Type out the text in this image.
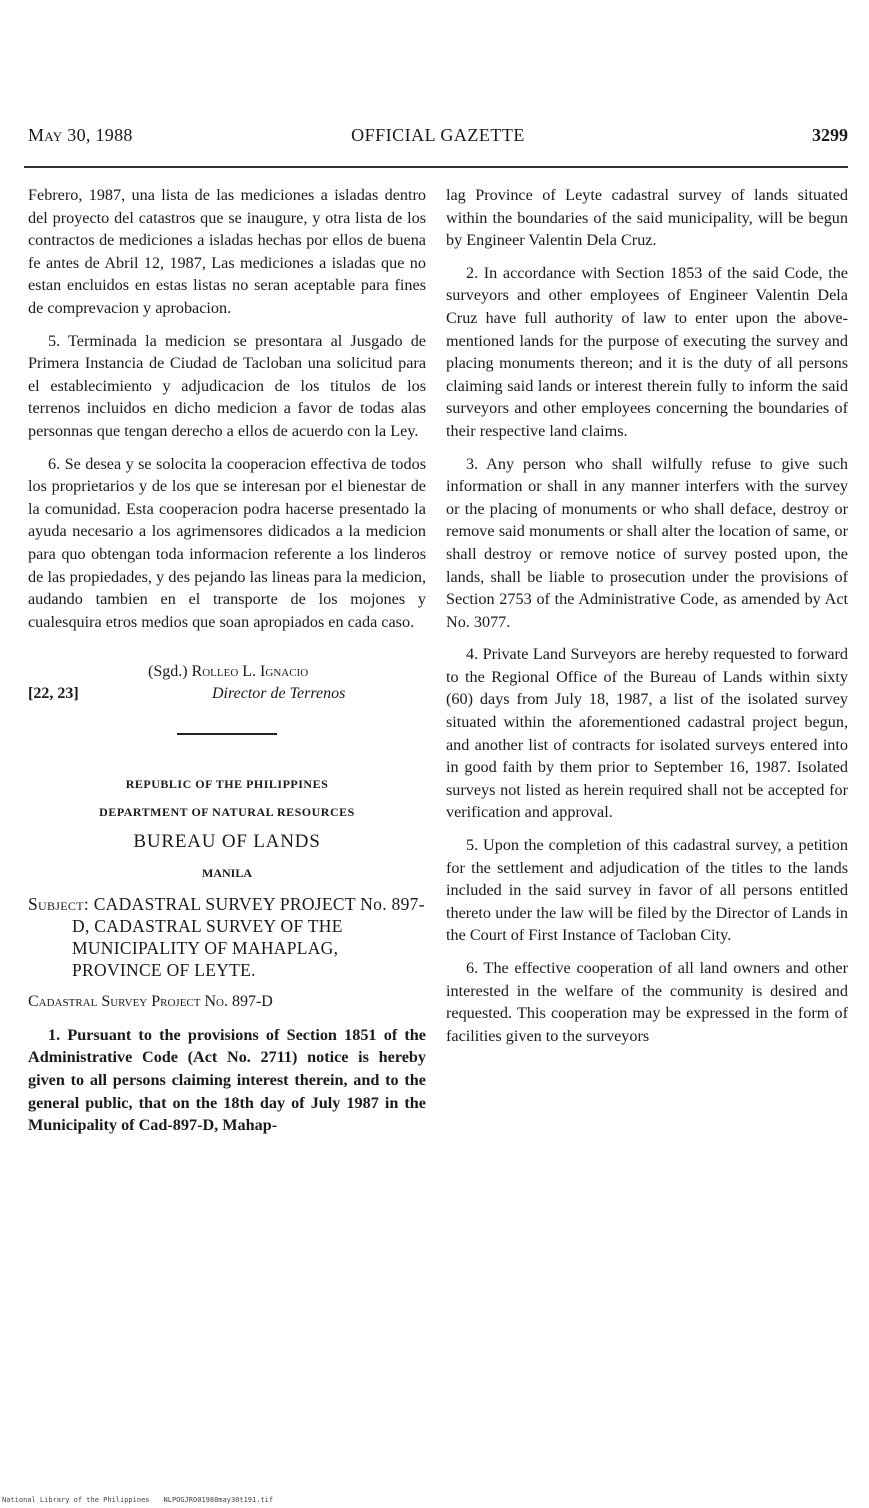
May 30, 1988	OFFICIAL GAZETTE	3299

Febrero, 1987, una lista de las mediciones a isladas dentro del proyecto del catastros que se inaugure, y otra lista de los contractos de mediciones a isladas hechas por ellos de buena fe antes de Abril 12, 1987, Las mediciones a isladas que no estan encluidos en estas listas no seran aceptable para fines de comprevacion y aprobacion.

5. Terminada la medicion se presontara al Jusgado de Primera Instancia de Ciudad de Tacloban una solicitud para el establecimiento y adjudicacion de los titulos de los terrenos incluidos en dicho medicion a favor de todas alas personnas que tengan derecho a ellos de acuerdo con la Ley.

6. Se desea y se solocita la cooperacion effectiva de todos los proprietarios y de los que se interesan por el bienestar de la comunidad. Esta cooperacion podra hacerse presentado la ayuda necesario a los agrimensores didicados a la medicion para quo obtengan toda informacion referente a los linderos de las propiedades, y des pejando las lineas para la medicion, audando tambien en el transporte de los mojones y cualesquira etros medios que soan apropiados en cada caso.

(Sgd.) Rolleo L. Ignacio
[22, 23]	Director de Terrenos

REPUBLIC OF THE PHILIPPINES

DEPARTMENT OF NATURAL RESOURCES

BUREAU OF LANDS

MANILA

Subject: CADASTRAL SURVEY PROJECT No. 897-D, CADASTRAL SURVEY OF THE MUNICIPALITY OF MAHAPLAG, PROVINCE OF LEYTE.

Cadastral Survey Project No. 897-D

1. Pursuant to the provisions of Section 1851 of the Administrative Code (Act No. 2711) notice is hereby given to all persons claiming interest therein, and to the general public, that on the 18th day of July 1987 in the Municipality of Cad-897-D, Mahap-

lag Province of Leyte cadastral survey of lands situated within the boundaries of the said municipality, will be begun by Engineer Valentin Dela Cruz.

2. In accordance with Section 1853 of the said Code, the surveyors and other employees of Engineer Valentin Dela Cruz have full authority of law to enter upon the above-mentioned lands for the purpose of executing the survey and placing monuments thereon; and it is the duty of all persons claiming said lands or interest therein fully to inform the said surveyors and other employees concerning the boundaries of their respective land claims.

3. Any person who shall wilfully refuse to give such information or shall in any manner interfers with the survey or the placing of monuments or who shall deface, destroy or remove said monuments or shall alter the location of same, or shall destroy or remove notice of survey posted upon, the lands, shall be liable to prosecution under the provisions of Section 2753 of the Administrative Code, as amended by Act No. 3077.

4. Private Land Surveyors are hereby requested to forward to the Regional Office of the Bureau of Lands within sixty (60) days from July 18, 1987, a list of the isolated survey situated within the aforementioned cadastral project begun, and another list of contracts for isolated surveys entered into in good faith by them prior to September 16, 1987. Isolated surveys not listed as herein required shall not be accepted for verification and approval.

5. Upon the completion of this cadastral survey, a petition for the settlement and adjudication of the titles to the lands included in the said survey in favor of all persons entitled thereto under the law will be filed by the Director of Lands in the Court of First Instance of Tacloban City.

6. The effective cooperation of all land owners and other interested in the welfare of the community is desired and requested. This cooperation may be expressed in the form of facilities given to the surveyors

National Library of the Philippines NLPOGJRO01988may30t191.tif
